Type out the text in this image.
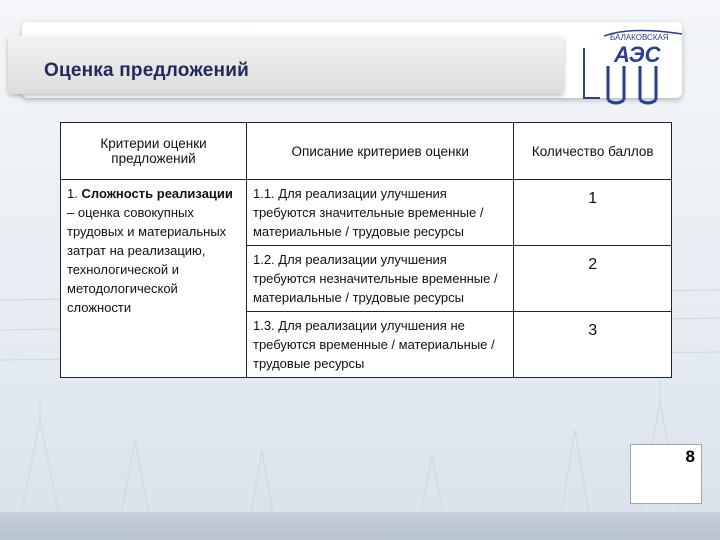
Оценка предложений
БАЛАКОВСКАЯ
АЭС
Критерии оценки предложений	Описание критериев оценки	Количество баллов
1. Сложность реализации – оценка совокупных трудовых и материальных затрат на реализацию, технологической и методологической сложности	1.1. Для реализации улучшения требуются значительные временные / материальные / трудовые ресурсы	1
	1.2. Для реализации улучшения требуются незначительные временные / материальные / трудовые ресурсы	2
	1.3. Для реализации улучшения не требуются временные / материальные / трудовые ресурсы	3
8
